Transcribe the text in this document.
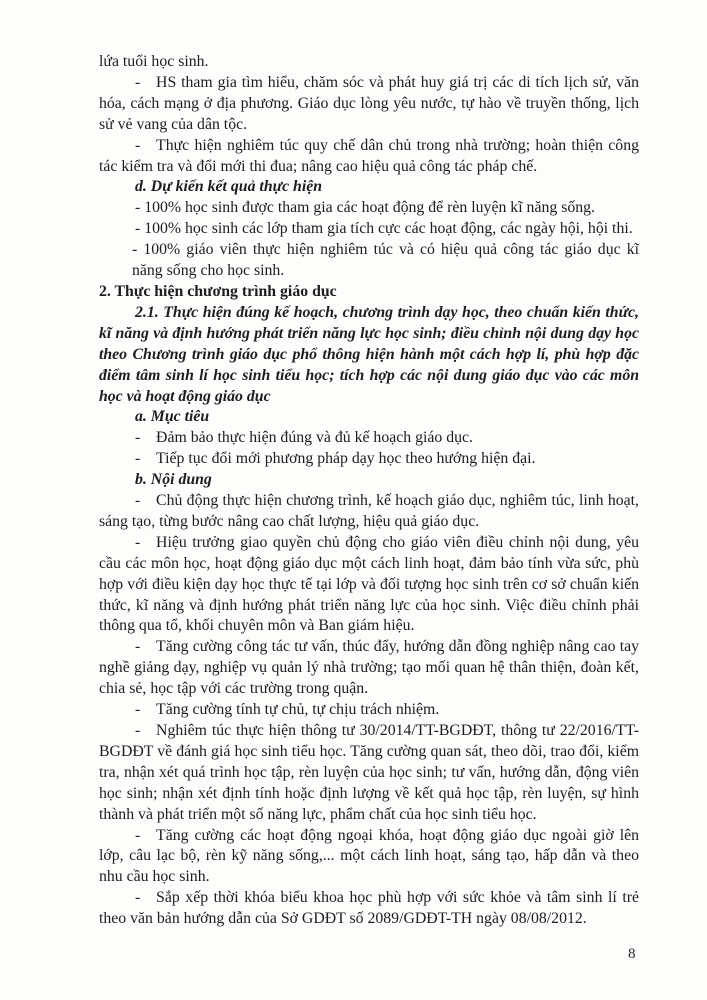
lứa tuổi học sinh.

-  HS tham gia tìm hiểu, chăm sóc và phát huy giá trị các di tích lịch sử, văn hóa, cách mạng ở địa phương. Giáo dục lòng yêu nước, tự hào về truyền thống, lịch sử vẻ vang của dân tộc.

-  Thực hiện nghiêm túc quy chế dân chủ trong nhà trường; hoàn thiện công tác kiểm tra và đổi mới thi đua; nâng cao hiệu quả công tác pháp chế.

d. Dự kiến kết quả thực hiện

- 100% học sinh được tham gia các hoạt động để rèn luyện kĩ năng sống.

- 100% học sinh các lớp tham gia tích cực các hoạt động, các ngày hội, hội thi.

- 100% giáo viên thực hiện nghiêm túc và có hiệu quả công tác giáo dục kĩ năng sống cho học sinh.

2. Thực hiện chương trình giáo dục

2.1. Thực hiện đúng kế hoạch, chương trình dạy học, theo chuẩn kiến thức, kĩ năng và định hướng phát triển năng lực học sinh; điều chỉnh nội dung dạy học theo Chương trình giáo dục phổ thông hiện hành một cách hợp lí, phù hợp đặc điểm tâm sinh lí học sinh tiểu học; tích hợp các nội dung giáo dục vào các môn học và hoạt động giáo dục

a. Mục tiêu

-  Đảm bảo thực hiện đúng và đủ kế hoạch giáo dục.

-  Tiếp tục đổi mới phương pháp dạy học theo hướng hiện đại.

b. Nội dung

-  Chủ động thực hiện chương trình, kế hoạch giáo dục, nghiêm túc, linh hoạt, sáng tạo, từng bước nâng cao chất lượng, hiệu quả giáo dục.

-  Hiệu trưởng giao quyền chủ động cho giáo viên điều chỉnh nội dung, yêu cầu các môn học, hoạt động giáo dục một cách linh hoạt, đảm bảo tính vừa sức, phù hợp với điều kiện dạy học thực tế tại lớp và đối tượng học sinh trên cơ sở chuẩn kiến thức, kĩ năng và định hướng phát triển năng lực của học sinh. Việc điều chỉnh phải thông qua tổ, khối chuyên môn và Ban giám hiệu.

-  Tăng cường công tác tư vấn, thúc đẩy, hướng dẫn đồng nghiệp nâng cao tay nghề giảng dạy, nghiệp vụ quản lý nhà trường; tạo mối quan hệ thân thiện, đoàn kết, chia sẻ, học tập với các trường trong quận.

-  Tăng cường tính tự chủ, tự chịu trách nhiệm.

-  Nghiêm túc thực hiện thông tư 30/2014/TT-BGDĐT, thông tư 22/2016/TT-BGDĐT về đánh giá học sinh tiểu học. Tăng cường quan sát, theo dõi, trao đổi, kiểm tra, nhận xét quá trình học tập, rèn luyện của học sinh; tư vấn, hướng dẫn, động viên học sinh; nhận xét định tính hoặc định lượng về kết quả học tập, rèn luyện, sự hình thành và phát triển một số năng lực, phẩm chất của học sinh tiểu học.

-  Tăng cường các hoạt động ngoại khóa, hoạt động giáo dục ngoài giờ lên lớp, câu lạc bộ, rèn kỹ năng sống,... một cách linh hoạt, sáng tạo, hấp dẫn và theo nhu cầu học sinh.

-  Sắp xếp thời khóa biểu khoa học phù hợp với sức khỏe và tâm sinh lí trẻ theo văn bản hướng dẫn của Sở GDĐT số 2089/GDĐT-TH ngày 08/08/2012.

8
